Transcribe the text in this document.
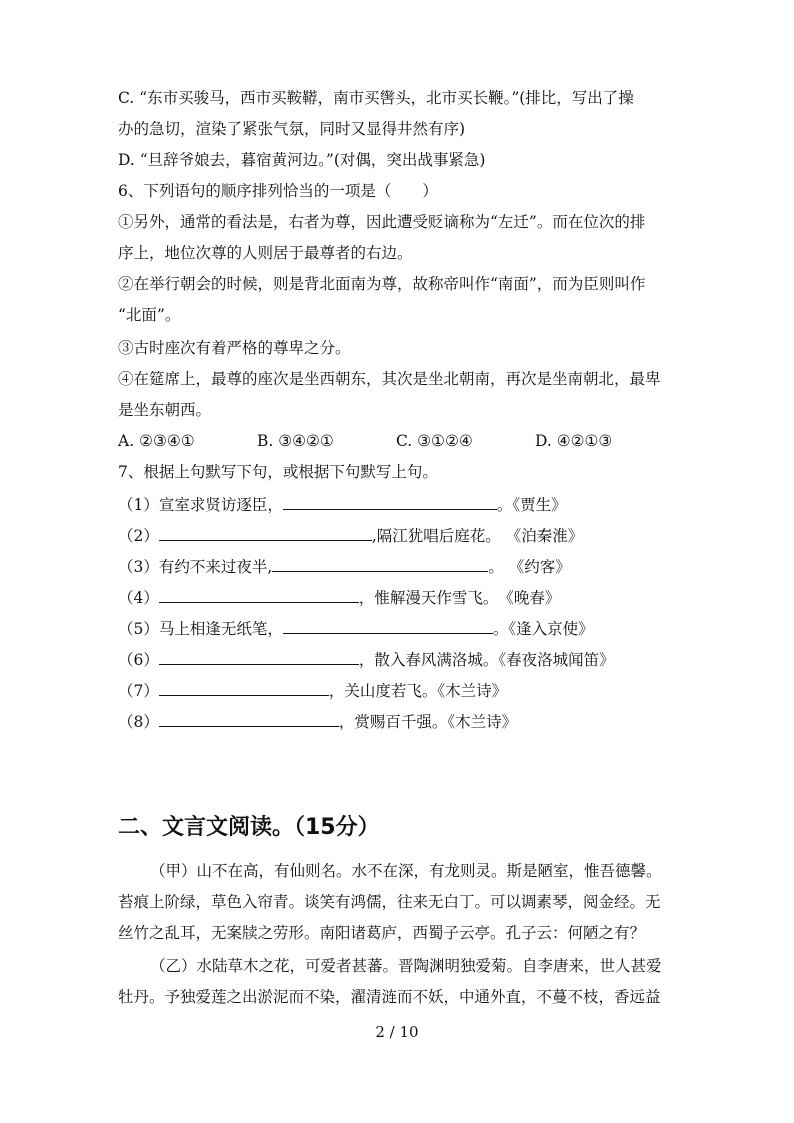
C. “东市买骏马，西市买鞍鞯，南市买辔头，北市买长鞭。”(排比，写出了操
办的急切，渲染了紧张气氛，同时又显得井然有序)
D. “旦辞爷娘去，暮宿黄河边。”(对偶，突出战事紧急)
6、下列语句的顺序排列恰当的一项是（　　）
①另外，通常的看法是，右者为尊，因此遭受贬谪称为“左迁”。而在位次的排
序上，地位次尊的人则居于最尊者的右边。
②在举行朝会的时候，则是背北面南为尊，故称帝叫作“南面”，而为臣则叫作
“北面”。
③古时座次有着严格的尊卑之分。
④在筵席上，最尊的座次是坐西朝东，其次是坐北朝南，再次是坐南朝北，最卑
是坐东朝西。
A. ②③④①	B. ③④②①	C. ③①②④	D. ④②①③
7、根据上句默写下句，或根据下句默写上句。
（1）宣室求贤访逐臣，	。《贾生》
（2）	,隔江犹唱后庭花。 《泊秦淮》
（3）有约不来过夜半,	。 《约客》
（4）	，惟解漫天作雪飞。　《晚春》
（5）马上相逢无纸笔，	。《逢入京使》
（6）	，散入春风满洛城。《春夜洛城闻笛》
（7）	，关山度若飞。《木兰诗》
（8）	，赏赐百千强。《木兰诗》
二、文言文阅读。（15分）
（甲）山不在高，有仙则名。水不在深，有龙则灵。斯是陋室，惟吾德馨。
苔痕上阶绿，草色入帘青。谈笑有鸿儒，往来无白丁。可以调素琴，阅金经。无
丝竹之乱耳，无案牍之劳形。南阳诸葛庐，西蜀子云亭。孔子云：何陋之有？
（乙）水陆草木之花，可爱者甚蕃。晋陶渊明独爱菊。自李唐来，世人甚爱
牡丹。予独爱莲之出淤泥而不染，濯清涟而不妖，中通外直，不蔓不枝，香远益
2 / 10
